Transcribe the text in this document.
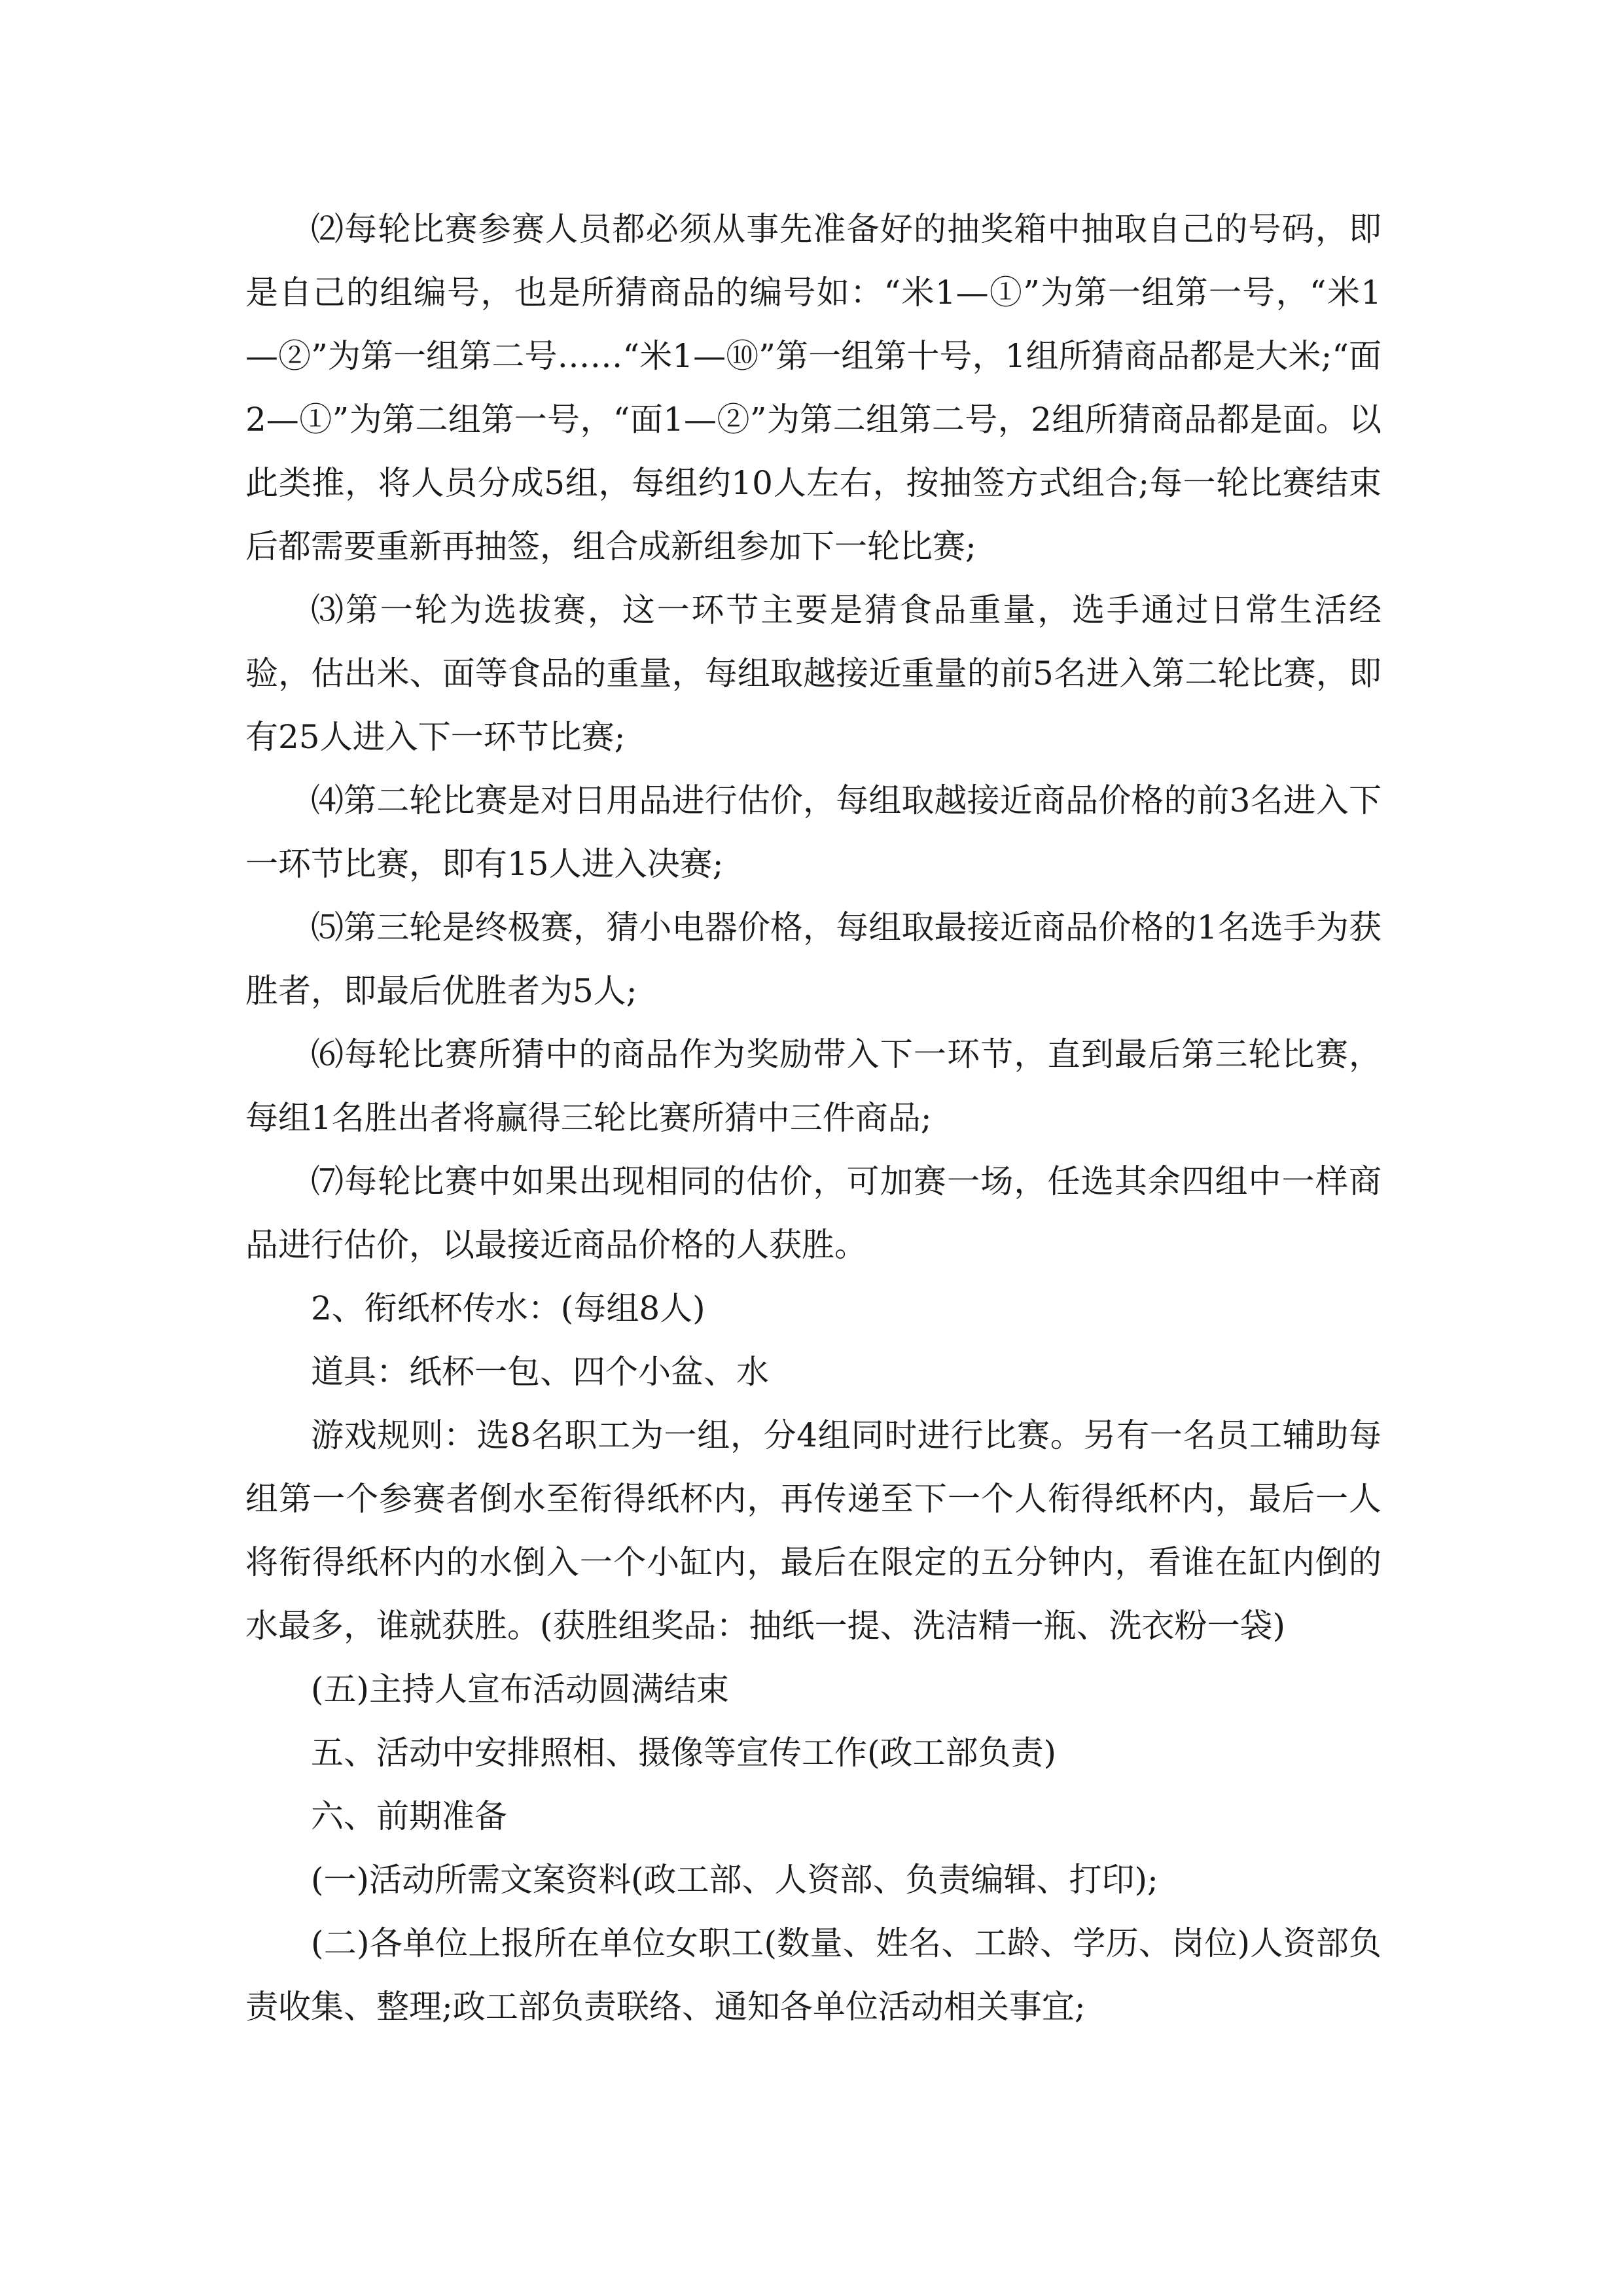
⑵每轮比赛参赛人员都必须从事先准备好的抽奖箱中抽取自己的号码，即是自己的组编号，也是所猜商品的编号如：“米1—①”为第一组第一号，“米1—②”为第一组第二号……“米1—⑩”第一组第十号，1组所猜商品都是大米;“面2—①”为第二组第一号，“面1—②”为第二组第二号，2组所猜商品都是面。以此类推，将人员分成5组，每组约10人左右，按抽签方式组合;每一轮比赛结束后都需要重新再抽签，组合成新组参加下一轮比赛;

⑶第一轮为选拔赛，这一环节主要是猜食品重量，选手通过日常生活经验，估出米、面等食品的重量，每组取越接近重量的前5名进入第二轮比赛，即有25人进入下一环节比赛;

⑷第二轮比赛是对日用品进行估价，每组取越接近商品价格的前3名进入下一环节比赛，即有15人进入决赛;

⑸第三轮是终极赛，猜小电器价格，每组取最接近商品价格的1名选手为获胜者，即最后优胜者为5人;

⑹每轮比赛所猜中的商品作为奖励带入下一环节，直到最后第三轮比赛，每组1名胜出者将赢得三轮比赛所猜中三件商品;

⑺每轮比赛中如果出现相同的估价，可加赛一场，任选其余四组中一样商品进行估价，以最接近商品价格的人获胜。

2、衔纸杯传水：(每组8人)

道具：纸杯一包、四个小盆、水

游戏规则：选8名职工为一组，分4组同时进行比赛。另有一名员工辅助每组第一个参赛者倒水至衔得纸杯内，再传递至下一个人衔得纸杯内，最后一人将衔得纸杯内的水倒入一个小缸内，最后在限定的五分钟内，看谁在缸内倒的水最多，谁就获胜。(获胜组奖品：抽纸一提、洗洁精一瓶、洗衣粉一袋)

(五)主持人宣布活动圆满结束

五、活动中安排照相、摄像等宣传工作(政工部负责)

六、前期准备

(一)活动所需文案资料(政工部、人资部、负责编辑、打印);

(二)各单位上报所在单位女职工(数量、姓名、工龄、学历、岗位)人资部负责收集、整理;政工部负责联络、通知各单位活动相关事宜;
